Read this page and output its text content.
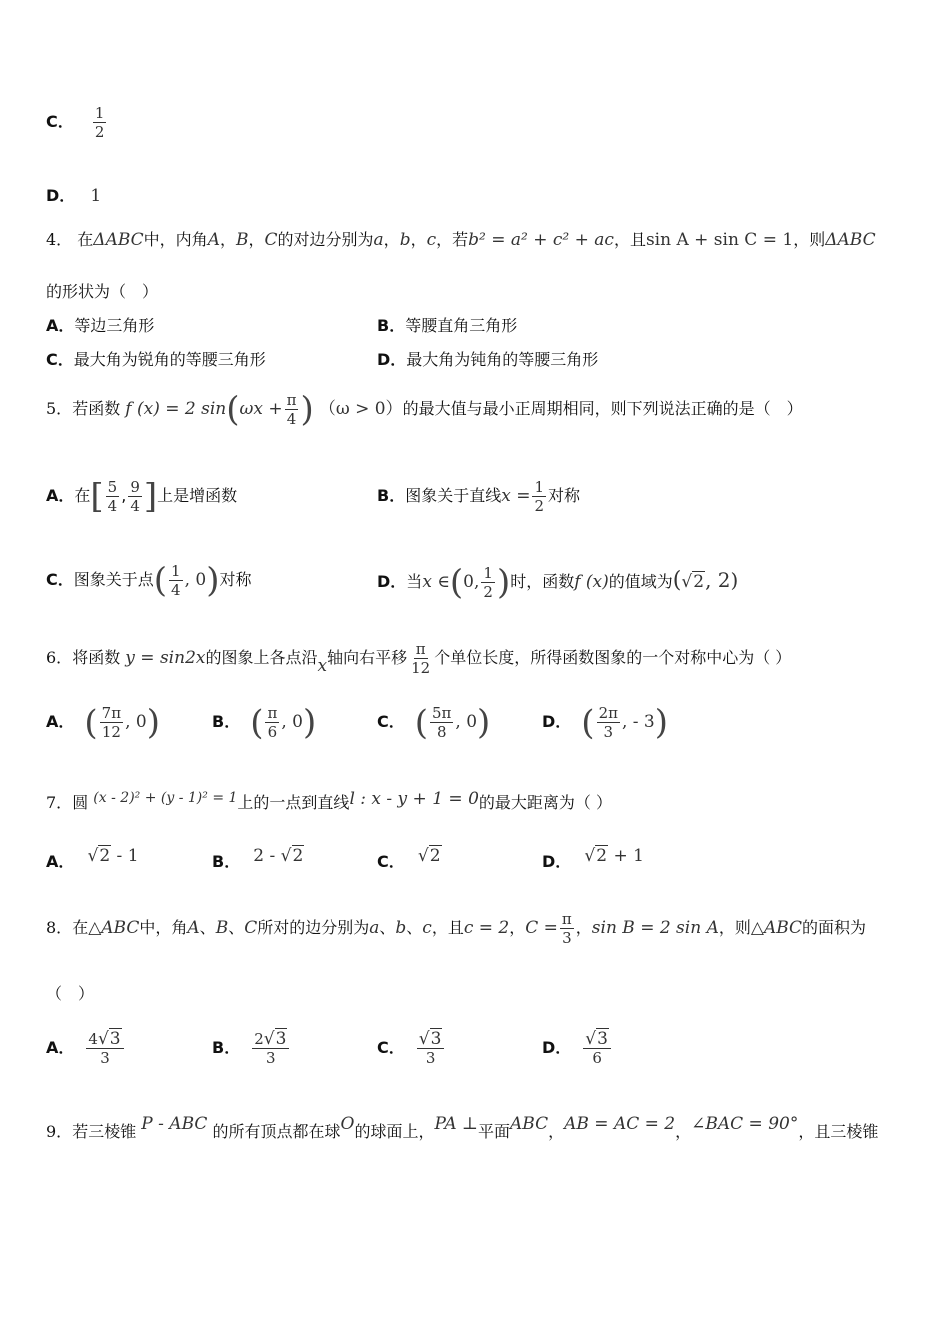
C． $\frac{1}{2}$
D． 1
4． 在ΔABC中，内角A，B，C的对边分别为a，b，c，若b² = a² + c² + ac，且sin A + sin C = 1，则ΔABC
的形状为（　）
A．等边三角形	B．等腰直角三角形
C．最大角为锐角的等腰三角形	D．最大角为钝角的等腰三角形
5．若函数 f (x) = 2 $\sin(\omega x + \frac{\pi}{4}$ ) （ω > 0）的最大值与最小正周期相同，则下列说法正确的是（　）
A．在[ $\frac{5}{4}$ , $\frac{9}{4}$ ]上是增函数	B．图象关于直线$x = \frac{1}{2}$ 对称
C．图象关于点( $\frac{1}{4}$ , 0)对称	D．当x ∈(0, $\frac{1}{2}$ )时，函数f (x)的值域为(√2, 2)
6．将函数 y = sin2x的图象上各点沿x轴向右平移 $\frac{\pi}{12}$ 个单位长度，所得函数图象的一个对称中心为（ ）
A． ( $\frac{7\pi}{12}$ , 0)	B． ( $\frac{\pi}{6}$ , 0)	C． ( $\frac{5\pi}{8}$ , 0)	D． ( $\frac{2\pi}{3}$ , - 3)
7．圆 (x - 2)² + (y - 1)² = 1上的一点到直线l : x - y + 1 = 0的最大距离为（ ）
A． √2 - 1	B． 2 - √2	C． √2	D． √2 + 1
8．在△ABC中，角A、B、C所对的边分别为a、b、c，且c = 2，$C = \frac{\pi}{3}$ ，sin B = 2 sin A，则△ABC的面积为
（　）
A． $\frac{4√3}{3}$	B． $\frac{2√3}{3}$	C． $\frac{√3}{3}$	D． $\frac{√3}{6}$
9．若三棱锥 P - ABC 的所有顶点都在球O的球面上，PA ⊥平面ABC，AB = AC = 2，∠BAC = 90°，且三棱锥
